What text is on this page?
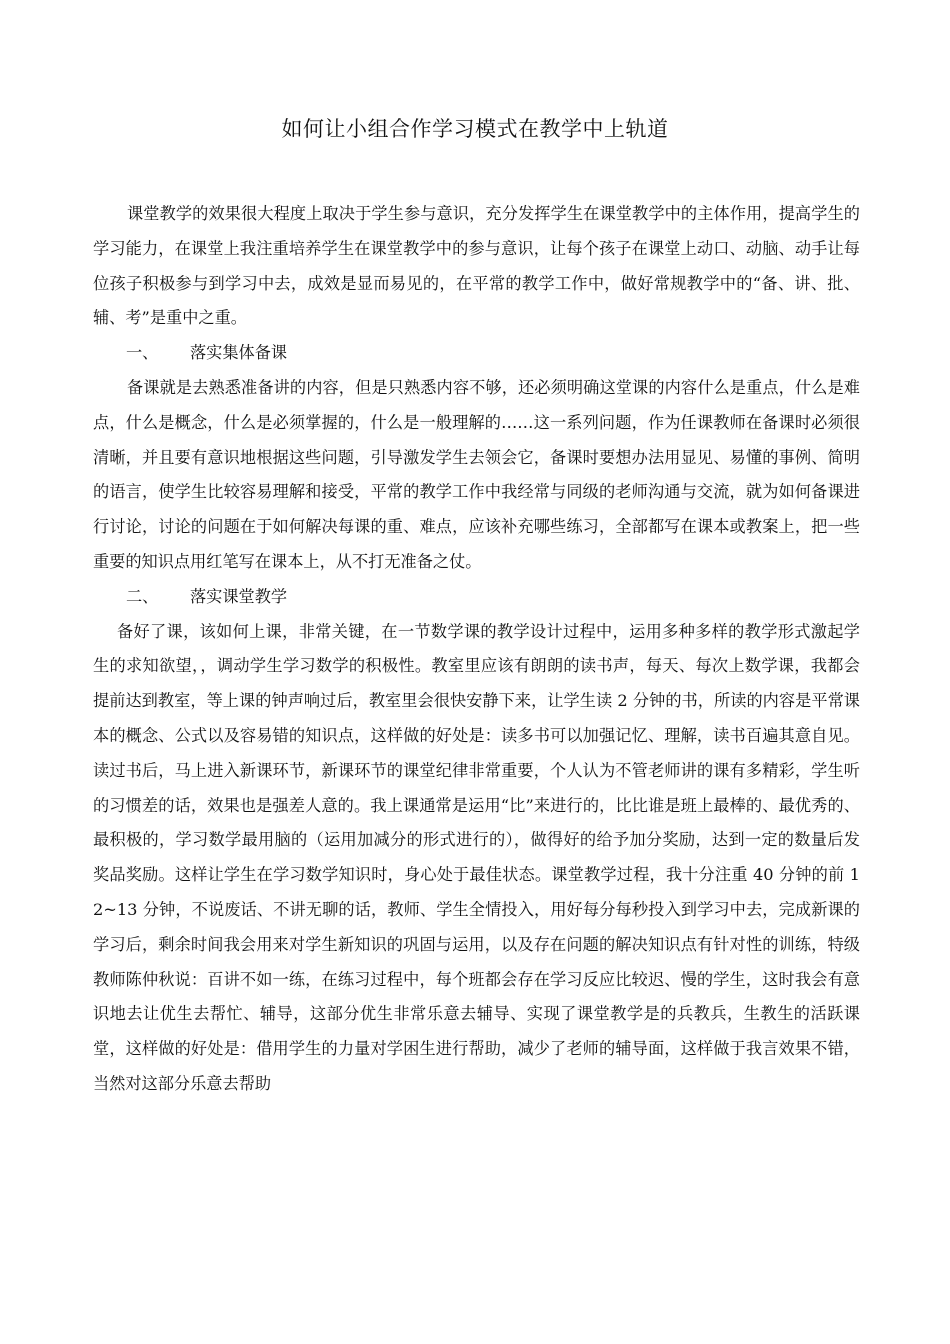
如何让小组合作学习模式在教学中上轨道

课堂教学的效果很大程度上取决于学生参与意识，充分发挥学生在课堂教学中的主体作用，提高学生的学习能力，在课堂上我注重培养学生在课堂教学中的参与意识，让每个孩子在课堂上动口、动脑、动手让每位孩子积极参与到学习中去，成效是显而易见的，在平常的教学工作中，做好常规教学中的“备、讲、批、辅、考”是重中之重。

一、 落实集体备课

备课就是去熟悉准备讲的内容，但是只熟悉内容不够，还必须明确这堂课的内容什么是重点，什么是难点，什么是概念，什么是必须掌握的，什么是一般理解的……这一系列问题，作为任课教师在备课时必须很清晰，并且要有意识地根据这些问题，引导激发学生去领会它，备课时要想办法用显见、易懂的事例、简明的语言，使学生比较容易理解和接受，平常的教学工作中我经常与同级的老师沟通与交流，就为如何备课进行讨论，讨论的问题在于如何解决每课的重、难点，应该补充哪些练习，全部都写在课本或教案上，把一些重要的知识点用红笔写在课本上，从不打无准备之仗。

二、 落实课堂教学

备好了课，该如何上课，非常关键，在一节数学课的教学设计过程中，运用多种多样的教学形式激起学生的求知欲望，，调动学生学习数学的积极性。教室里应该有朗朗的读书声，每天、每次上数学课，我都会提前达到教室，等上课的钟声响过后，教室里会很快安静下来，让学生读 2 分钟的书，所读的内容是平常课本的概念、公式以及容易错的知识点，这样做的好处是：读多书可以加强记忆、理解，读书百遍其意自见。读过书后，马上进入新课环节，新课环节的课堂纪律非常重要，个人认为不管老师讲的课有多精彩，学生听的习惯差的话，效果也是强差人意的。我上课通常是运用“比”来进行的，比比谁是班上最棒的、最优秀的、最积极的，学习数学最用脑的（运用加减分的形式进行的），做得好的给予加分奖励，达到一定的数量后发奖品奖励。这样让学生在学习数学知识时，身心处于最佳状态。课堂教学过程，我十分注重 40 分钟的前 12~13 分钟，不说废话、不讲无聊的话，教师、学生全情投入，用好每分每秒投入到学习中去，完成新课的学习后，剩余时间我会用来对学生新知识的巩固与运用，以及存在问题的解决知识点有针对性的训练，特级教师陈仲秋说：百讲不如一练，在练习过程中，每个班都会存在学习反应比较迟、慢的学生，这时我会有意识地去让优生去帮忙、辅导，这部分优生非常乐意去辅导、实现了课堂教学是的兵教兵，生教生的活跃课堂，这样做的好处是：借用学生的力量对学困生进行帮助，减少了老师的辅导面，这样做于我言效果不错，当然对这部分乐意去帮助
